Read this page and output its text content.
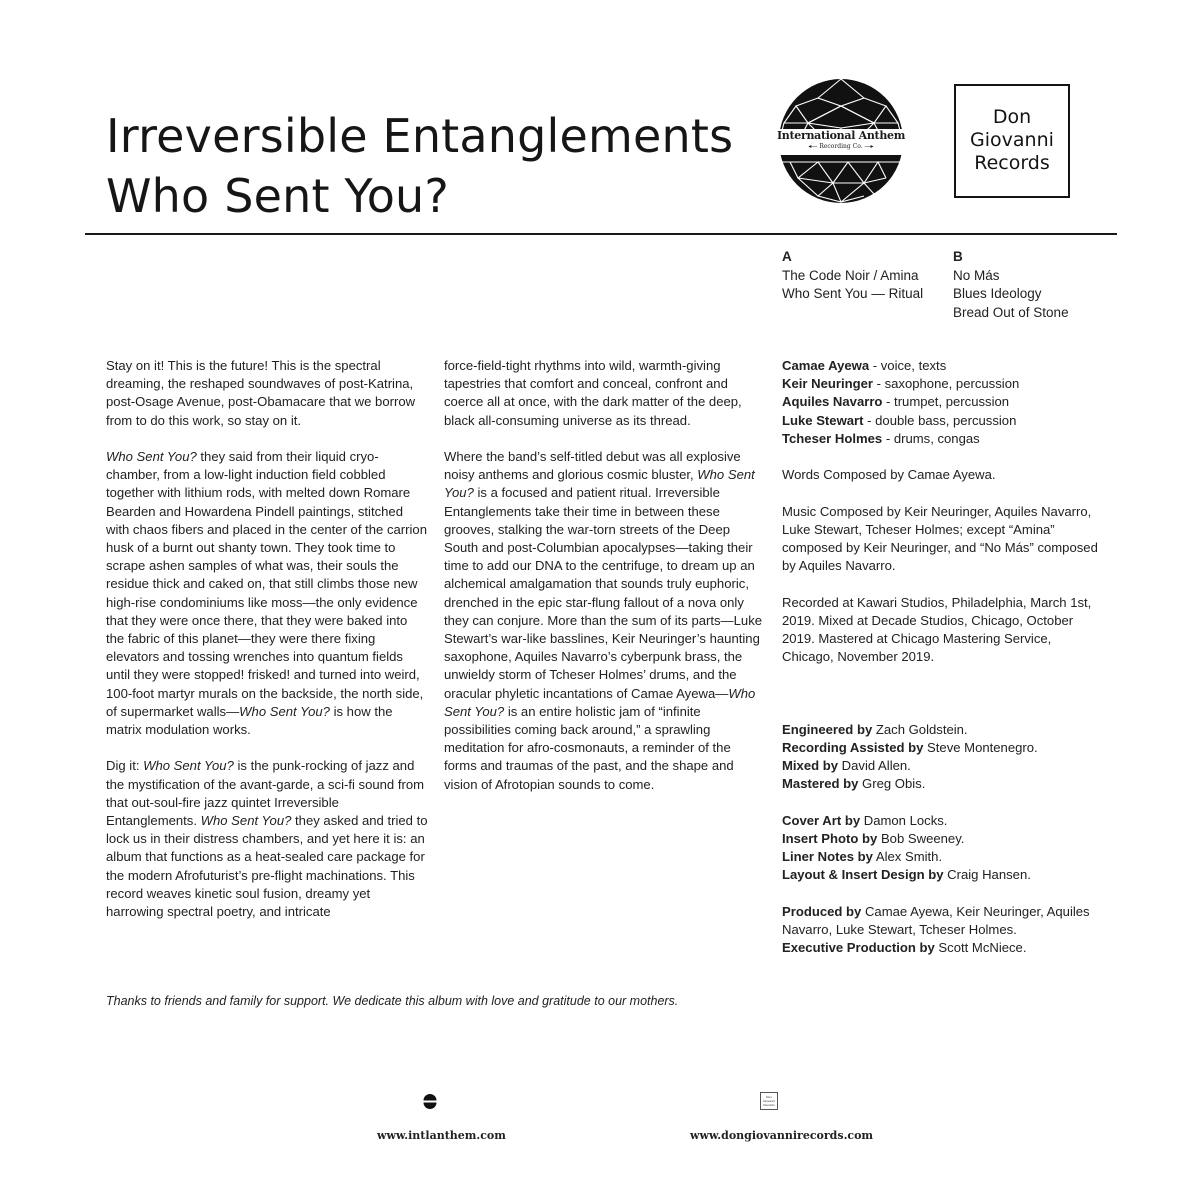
Irreversible Entanglements
Who Sent You?
International Anthem
◂— Recording Co. —▸
Don
Giovanni
Records
A
The Code Noir / Amina
Who Sent You — Ritual
B
No Más
Blues Ideology
Bread Out of Stone

Stay on it! This is the future! This is the spectral dreaming, the reshaped soundwaves of post-Katrina, post-Osage Avenue, post-Obamacare that we borrow from to do this work, so stay on it.

Who Sent You? they said from their liquid cryo-chamber, from a low-light induction field cobbled together with lithium rods, with melted down Romare Bearden and Howardena Pindell paintings, stitched with chaos fibers and placed in the center of the carrion husk of a burnt out shanty town. They took time to scrape ashen samples of what was, their souls the residue thick and caked on, that still climbs those new high-rise condominiums like moss—the only evidence that they were once there, that they were baked into the fabric of this planet—they were there fixing elevators and tossing wrenches into quantum fields until they were stopped! frisked! and turned into weird, 100-foot martyr murals on the backside, the north side, of supermarket walls—Who Sent You? is how the matrix modulation works.

Dig it: Who Sent You? is the punk-rocking of jazz and the mystification of the avant-garde, a sci-fi sound from that out-soul-fire jazz quintet Irreversible Entanglements. Who Sent You? they asked and tried to lock us in their distress chambers, and yet here it is: an album that functions as a heat-sealed care package for the modern Afrofuturist’s pre-flight machinations. This record weaves kinetic soul fusion, dreamy yet harrowing spectral poetry, and intricate

force-field-tight rhythms into wild, warmth-giving tapestries that comfort and conceal, confront and coerce all at once, with the dark matter of the deep, black all-consuming universe as its thread.

Where the band’s self-titled debut was all explosive noisy anthems and glorious cosmic bluster, Who Sent You? is a focused and patient ritual. Irreversible Entanglements take their time in between these grooves, stalking the war-torn streets of the Deep South and post-Columbian apocalypses—taking their time to add our DNA to the centrifuge, to dream up an alchemical amalgamation that sounds truly euphoric, drenched in the epic star-flung fallout of a nova only they can conjure. More than the sum of its parts—Luke Stewart’s war-like basslines, Keir Neuringer’s haunting saxophone, Aquiles Navarro’s cyberpunk brass, the unwieldy storm of Tcheser Holmes’ drums, and the oracular phyletic incantations of Camae Ayewa—Who Sent You? is an entire holistic jam of “infinite possibilities coming back around,” a sprawling meditation for afro-cosmonauts, a reminder of the forms and traumas of the past, and the shape and vision of Afrotopian sounds to come.

Camae Ayewa - voice, texts
Keir Neuringer - saxophone, percussion
Aquiles Navarro - trumpet, percussion
Luke Stewart - double bass, percussion
Tcheser Holmes - drums, congas

Words Composed by Camae Ayewa.

Music Composed by Keir Neuringer, Aquiles Navarro, Luke Stewart, Tcheser Holmes; except “Amina” composed by Keir Neuringer, and “No Más” composed by Aquiles Navarro.

Recorded at Kawari Studios, Philadelphia, March 1st, 2019. Mixed at Decade Studios, Chicago, October 2019. Mastered at Chicago Mastering Service, Chicago, November 2019.

Engineered by Zach Goldstein.
Recording Assisted by Steve Montenegro.
Mixed by David Allen.
Mastered by Greg Obis.

Cover Art by Damon Locks.
Insert Photo by Bob Sweeney.
Liner Notes by Alex Smith.
Layout & Insert Design by Craig Hansen.

Produced by Camae Ayewa, Keir Neuringer, Aquiles Navarro, Luke Stewart, Tcheser Holmes.
Executive Production by Scott McNiece.

Thanks to friends and family for support. We dedicate this album with love and gratitude to our mothers.
Don
Giovanni
Records
www.intlanthem.com	www.dongiovannirecords.com
